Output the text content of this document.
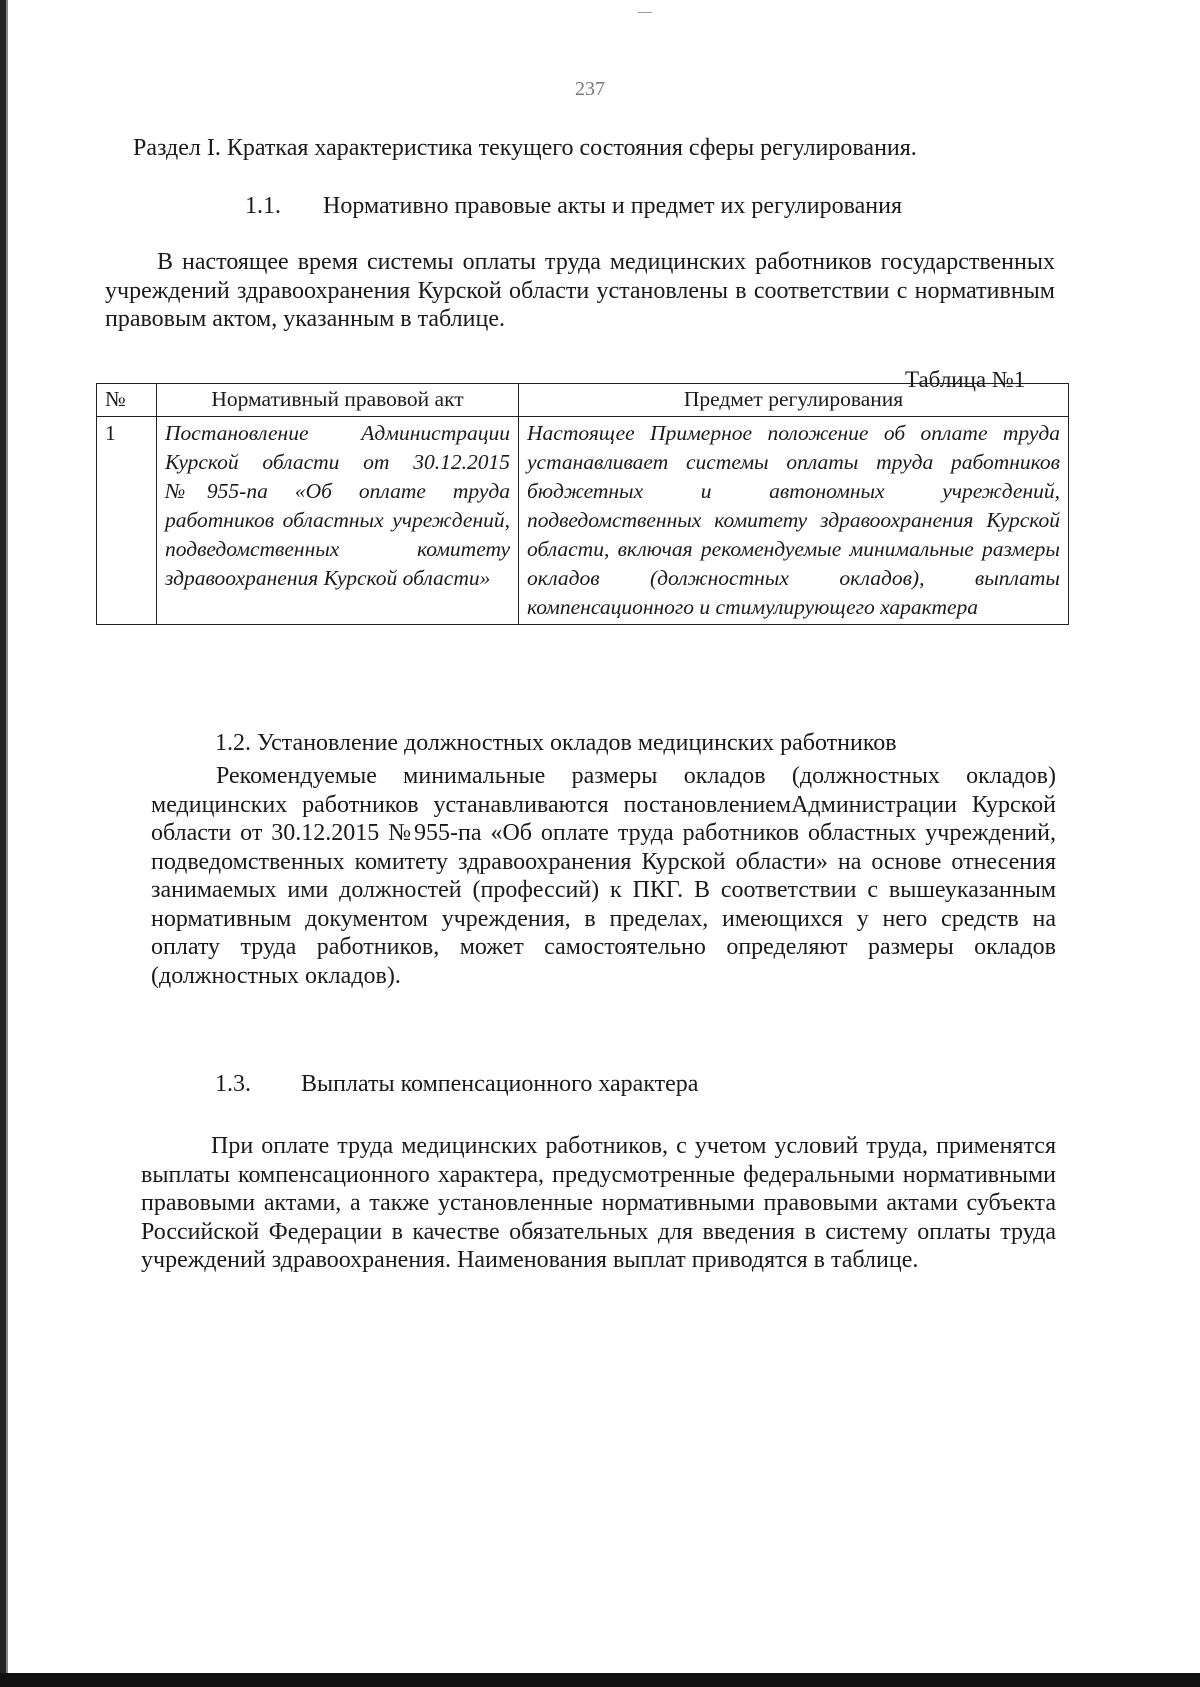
237
Раздел I. Краткая характеристика текущего состояния сферы регулирования.
1.1. Нормативно правовые акты и предмет их регулирования
В настоящее время системы оплаты труда медицинских работников государственных учреждений здравоохранения Курской области установлены в соответствии с нормативным правовым актом, указанным в таблице.
Таблица №1
№	Нормативный правовой акт	Предмет регулирования
1	Постановление Администрации Курской области от 30.12.2015 №955-па «Об оплате труда работников областных учреждений, подведомственных комитету здравоохранения Курской области»	Настоящее Примерное положение об оплате труда устанавливает системы оплаты труда работников бюджетных и автономных учреждений, подведомственных комитету здравоохранения Курской области, включая рекомендуемые минимальные размеры окладов (должностных окладов), выплаты компенсационного и стимулирующего характера
1.2. Установление должностных окладов медицинских работников
Рекомендуемые минимальные размеры окладов (должностных окладов) медицинских работников устанавливаются постановлениемАдминистрации Курской области от 30.12.2015 №955-па «Об оплате труда работников областных учреждений, подведомственных комитету здравоохранения Курской области» на основе отнесения занимаемых ими должностей (профессий) к ПКГ. В соответствии с вышеуказанным нормативным документом учреждения, в пределах, имеющихся у него средств на оплату труда работников, может самостоятельно определяют размеры окладов (должностных окладов).
1.3. Выплаты компенсационного характера
При оплате труда медицинских работников, с учетом условий труда, применятся выплаты компенсационного характера, предусмотренные федеральными нормативными правовыми актами, а также установленные нормативными правовыми актами субъекта Российской Федерации в качестве обязательных для введения в систему оплаты труда учреждений здравоохранения. Наименования выплат приводятся в таблице.
